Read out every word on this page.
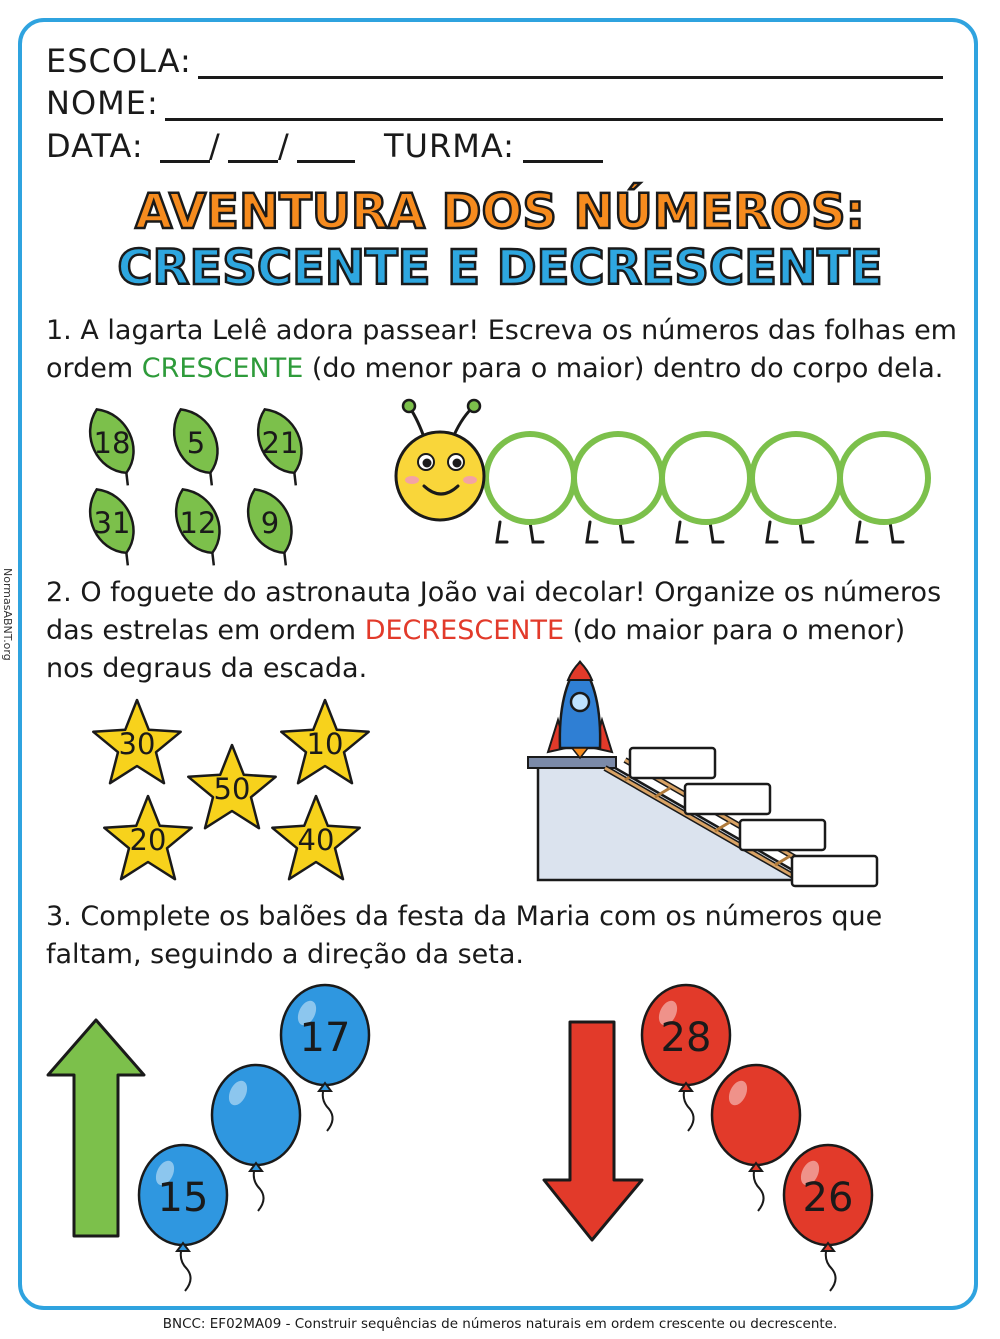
NormasABNT.org
ESCOLA:
NOME:
DATA: / /	TURMA:
AVENTURA DOS NÚMEROS:
CRESCENTE E DECRESCENTE
1. A lagarta Lelê adora passear! Escreva os números das folhas em ordem CRESCENTE (do menor para o maior) dentro do corpo dela.
18 5 21
31 12 9
30	10
50
20	40
15
17	28
26
2. O foguete do astronauta João vai decolar! Organize os números das estrelas em ordem DECRESCENTE (do maior para o menor) nos degraus da escada.
3. Complete os balões da festa da Maria com os números que faltam, seguindo a direção da seta.
BNCC: EF02MA09 - Construir sequências de números naturais em ordem crescente ou decrescente.
